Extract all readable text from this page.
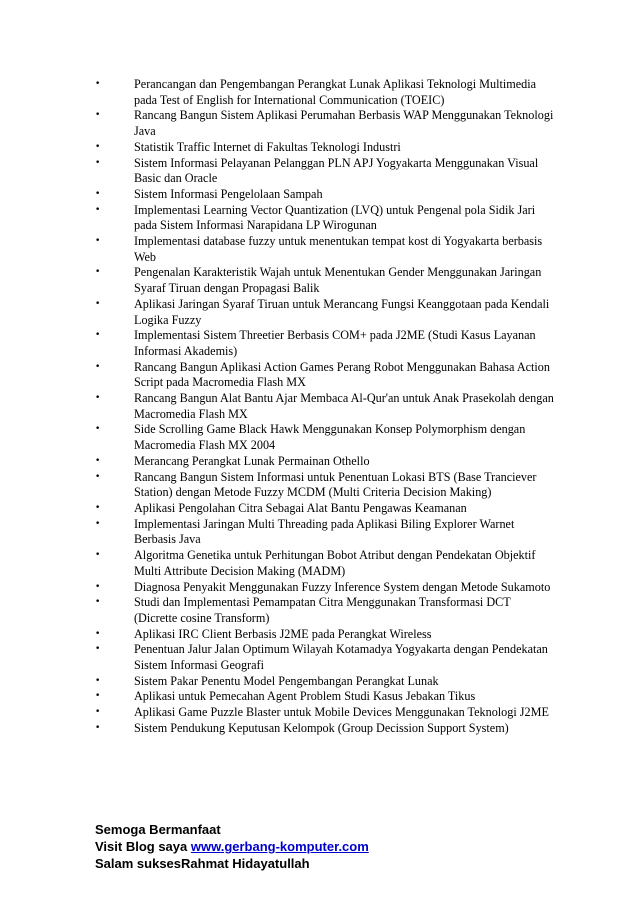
•	Perancangan dan Pengembangan Perangkat Lunak Aplikasi Teknologi Multimedia pada Test of English for International Communication (TOEIC)
•	Rancang Bangun Sistem Aplikasi Perumahan Berbasis WAP Menggunakan Teknologi Java
•	Statistik Traffic Internet di Fakultas Teknologi Industri
•	Sistem Informasi Pelayanan Pelanggan PLN APJ Yogyakarta Menggunakan Visual Basic dan Oracle
•	Sistem Informasi Pengelolaan Sampah
•	Implementasi Learning Vector Quantization (LVQ) untuk Pengenal pola Sidik Jari pada Sistem Informasi Narapidana LP Wirogunan
•	Implementasi database fuzzy untuk menentukan tempat kost di Yogyakarta berbasis Web
•	Pengenalan Karakteristik Wajah untuk Menentukan Gender Menggunakan Jaringan Syaraf Tiruan dengan Propagasi Balik
•	Aplikasi Jaringan Syaraf Tiruan untuk Merancang Fungsi Keanggotaan pada Kendali Logika Fuzzy
•	Implementasi Sistem Threetier Berbasis COM+ pada J2ME (Studi Kasus Layanan Informasi Akademis)
•	Rancang Bangun Aplikasi Action Games Perang Robot Menggunakan Bahasa Action Script pada Macromedia Flash MX
•	Rancang Bangun Alat Bantu Ajar Membaca Al-Qur'an untuk Anak Prasekolah dengan Macromedia Flash MX
•	Side Scrolling Game Black Hawk Menggunakan Konsep Polymorphism dengan Macromedia Flash MX 2004
•	Merancang Perangkat Lunak Permainan Othello
•	Rancang Bangun Sistem Informasi untuk Penentuan Lokasi BTS (Base Tranciever Station) dengan Metode Fuzzy MCDM (Multi Criteria Decision Making)
•	Aplikasi Pengolahan Citra Sebagai Alat Bantu Pengawas Keamanan
•	Implementasi Jaringan Multi Threading pada Aplikasi Biling Explorer Warnet Berbasis Java
•	Algoritma Genetika untuk Perhitungan Bobot Atribut dengan Pendekatan Objektif Multi Attribute Decision Making (MADM)
•	Diagnosa Penyakit Menggunakan Fuzzy Inference System dengan Metode Sukamoto
•	Studi dan Implementasi Pemampatan Citra Menggunakan Transformasi DCT (Dicrette cosine Transform)
•	Aplikasi IRC Client Berbasis J2ME pada Perangkat Wireless
•	Penentuan Jalur Jalan Optimum Wilayah Kotamadya Yogyakarta dengan Pendekatan Sistem Informasi Geografi
•	Sistem Pakar Penentu Model Pengembangan Perangkat Lunak
•	Aplikasi untuk Pemecahan Agent Problem Studi Kasus Jebakan Tikus
•	Aplikasi Game Puzzle Blaster untuk Mobile Devices Menggunakan Teknologi J2ME
•	Sistem Pendukung Keputusan Kelompok (Group Decission Support System)
Semoga Bermanfaat
Visit Blog saya www.gerbang-komputer.com
Salam suksesRahmat Hidayatullah
